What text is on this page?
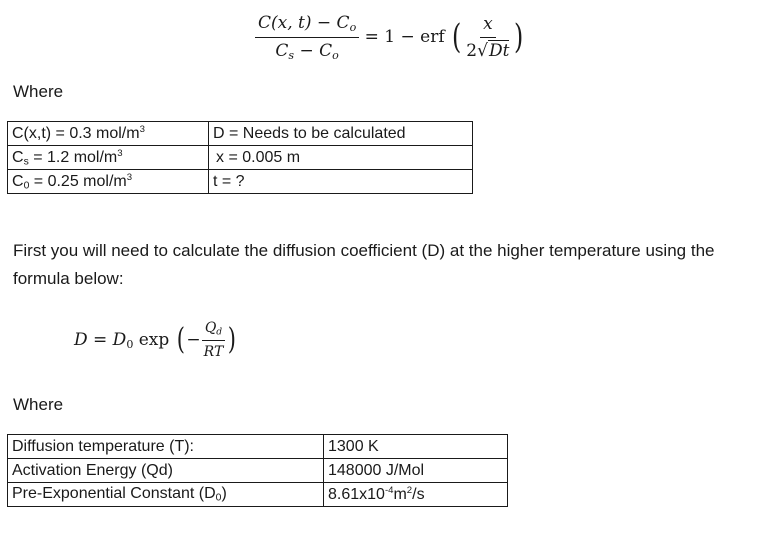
$\frac{C(x, t) - C_o}{C_s - C_o} = 1$ − erf ( $\frac{x}{2√Dt}$ )
Where
C(x,t) = 0.3 mol/$m^3$	D = Needs to be calculated
$C_s = 1.2$ mol/$m^3$	x = 0.005 m
$C_0 = 0.25$ mol/$m^3$	t = ?
First you will need to calculate the diffusion coefficient (D) at the higher temperature using the formula below:
$D = D_0$ exp ( − $\frac{Q_d}{RT}$ )
Where
Diffusion temperature (T):	1300 K
Activation Energy (Qd)	148000 J/Mol
Pre-Exponential Constant $(D_0)$	$8.61x10^{-4}m^2/s$
